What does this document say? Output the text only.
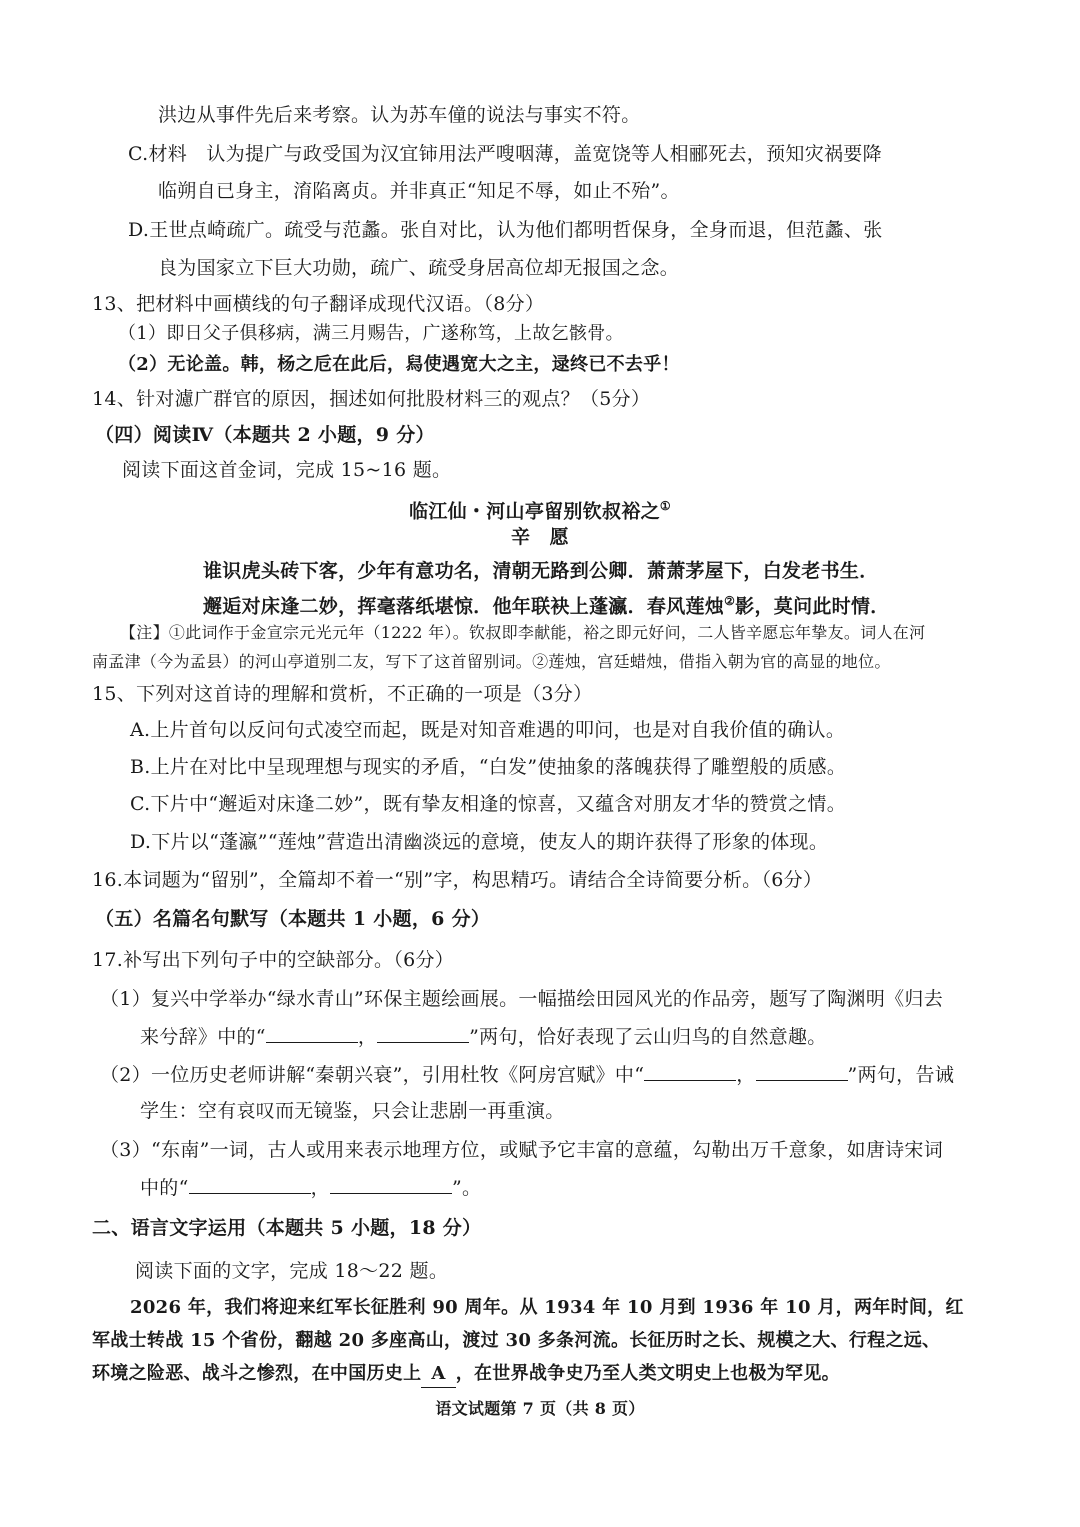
洪边从事件先后来考察。认为苏车僮的说法与事实不符。
C.材料　认为提广与政受国为汉宜铈用法严嗖咽薄，盖宽饶等人相郦死去，预知灾祸要降
临朔自已身主，淯陷离贞。并非真正“知足不辱，如止不殆”。
D.王世点崎疏广。疏受与范蠡。张自对比，认为他们都明哲保身，全身而退，但范蠡、张
良为国家立下巨大功勋，疏广、疏受身居高位却无报国之念。
13、把材料中画横线的句子翻译成现代汉语。（8分）
（1）即日父子俱移病，满三月赐告，广遂称笃，上故乞骸骨。
（2）无论盖。韩，杨之卮在此后，舄使遇宽大之主，逯终已不去乎！
14、针对濾广群官的原因，掴述如何批股材料三的观点？（5分）
（四）阅读Ⅳ（本题共 2 小题，9 分）
阅读下面这首金词，完成 15~16 题。
临江仙・河山亭留别钦叔裕之①
辛　愿
谁识虎头砖下客，少年有意功名，清朝无路到公卿．萧萧茅屋下，白发老书生．
邂逅对床逢二妙，挥毫落纸堪惊．他年联袂上蓬瀛．春风莲烛②影，莫问此时情．
【注】①此词作于金宣宗元光元年（1222 年）。钦叔即李献能，裕之即元好问，二人皆辛愿忘年挚友。词人在河
南孟津（今为孟县）的河山亭道别二友，写下了这首留别词。②莲烛，宫廷蜡烛，借指入朝为官的高显的地位。
15、下列对这首诗的理解和赏析，不正确的一项是（3分）
A.上片首句以反问句式凌空而起，既是对知音难遇的叩问，也是对自我价值的确认。
B.上片在对比中呈现理想与现实的矛盾，“白发”使抽象的落魄获得了雕塑般的质感。
C.下片中“邂逅对床逢二妙”，既有挚友相逢的惊喜，又蕴含对朋友才华的赞赏之情。
D.下片以“蓬瀛”“莲烛”营造出清幽淡远的意境，使友人的期许获得了形象的体现。
16.本词题为“留别”，全篇却不着一“别”字，构思精巧。请结合全诗简要分析。（6分）
（五）名篇名句默写（本题共 1 小题，6 分）
17.补写出下列句子中的空缺部分。（6分）
（1）复兴中学举办“绿水青山”环保主题绘画展。一幅描绘田园风光的作品旁，题写了陶渊明《归去
来兮辞》中的“	，	”两句，恰好表现了云山归鸟的自然意趣。
（2）一位历史老师讲解“秦朝兴衰”，引用杜牧《阿房宫赋》中“	，	”两句，告诫
学生：空有哀叹而无镜鉴，只会让悲剧一再重演。
（3）“东南”一词，古人或用来表示地理方位，或赋予它丰富的意蕴，勾勒出万千意象，如唐诗宋词
中的“	，	”。
二、语言文字运用（本题共 5 小题，18 分）
阅读下面的文字，完成 18～22 题。
2026 年，我们将迎来红军长征胜利 90 周年。从 1934 年 10 月到 1936 年 10 月，两年时间，红
军战士转战 15 个省份，翻越 20 多座高山，渡过 30 多条河流。长征历时之长、规模之大、行程之远、
环境之险恶、战斗之惨烈，在中国历史上 A ，在世界战争史乃至人类文明史上也极为罕见。
语文试题第 7 页（共 8 页）
